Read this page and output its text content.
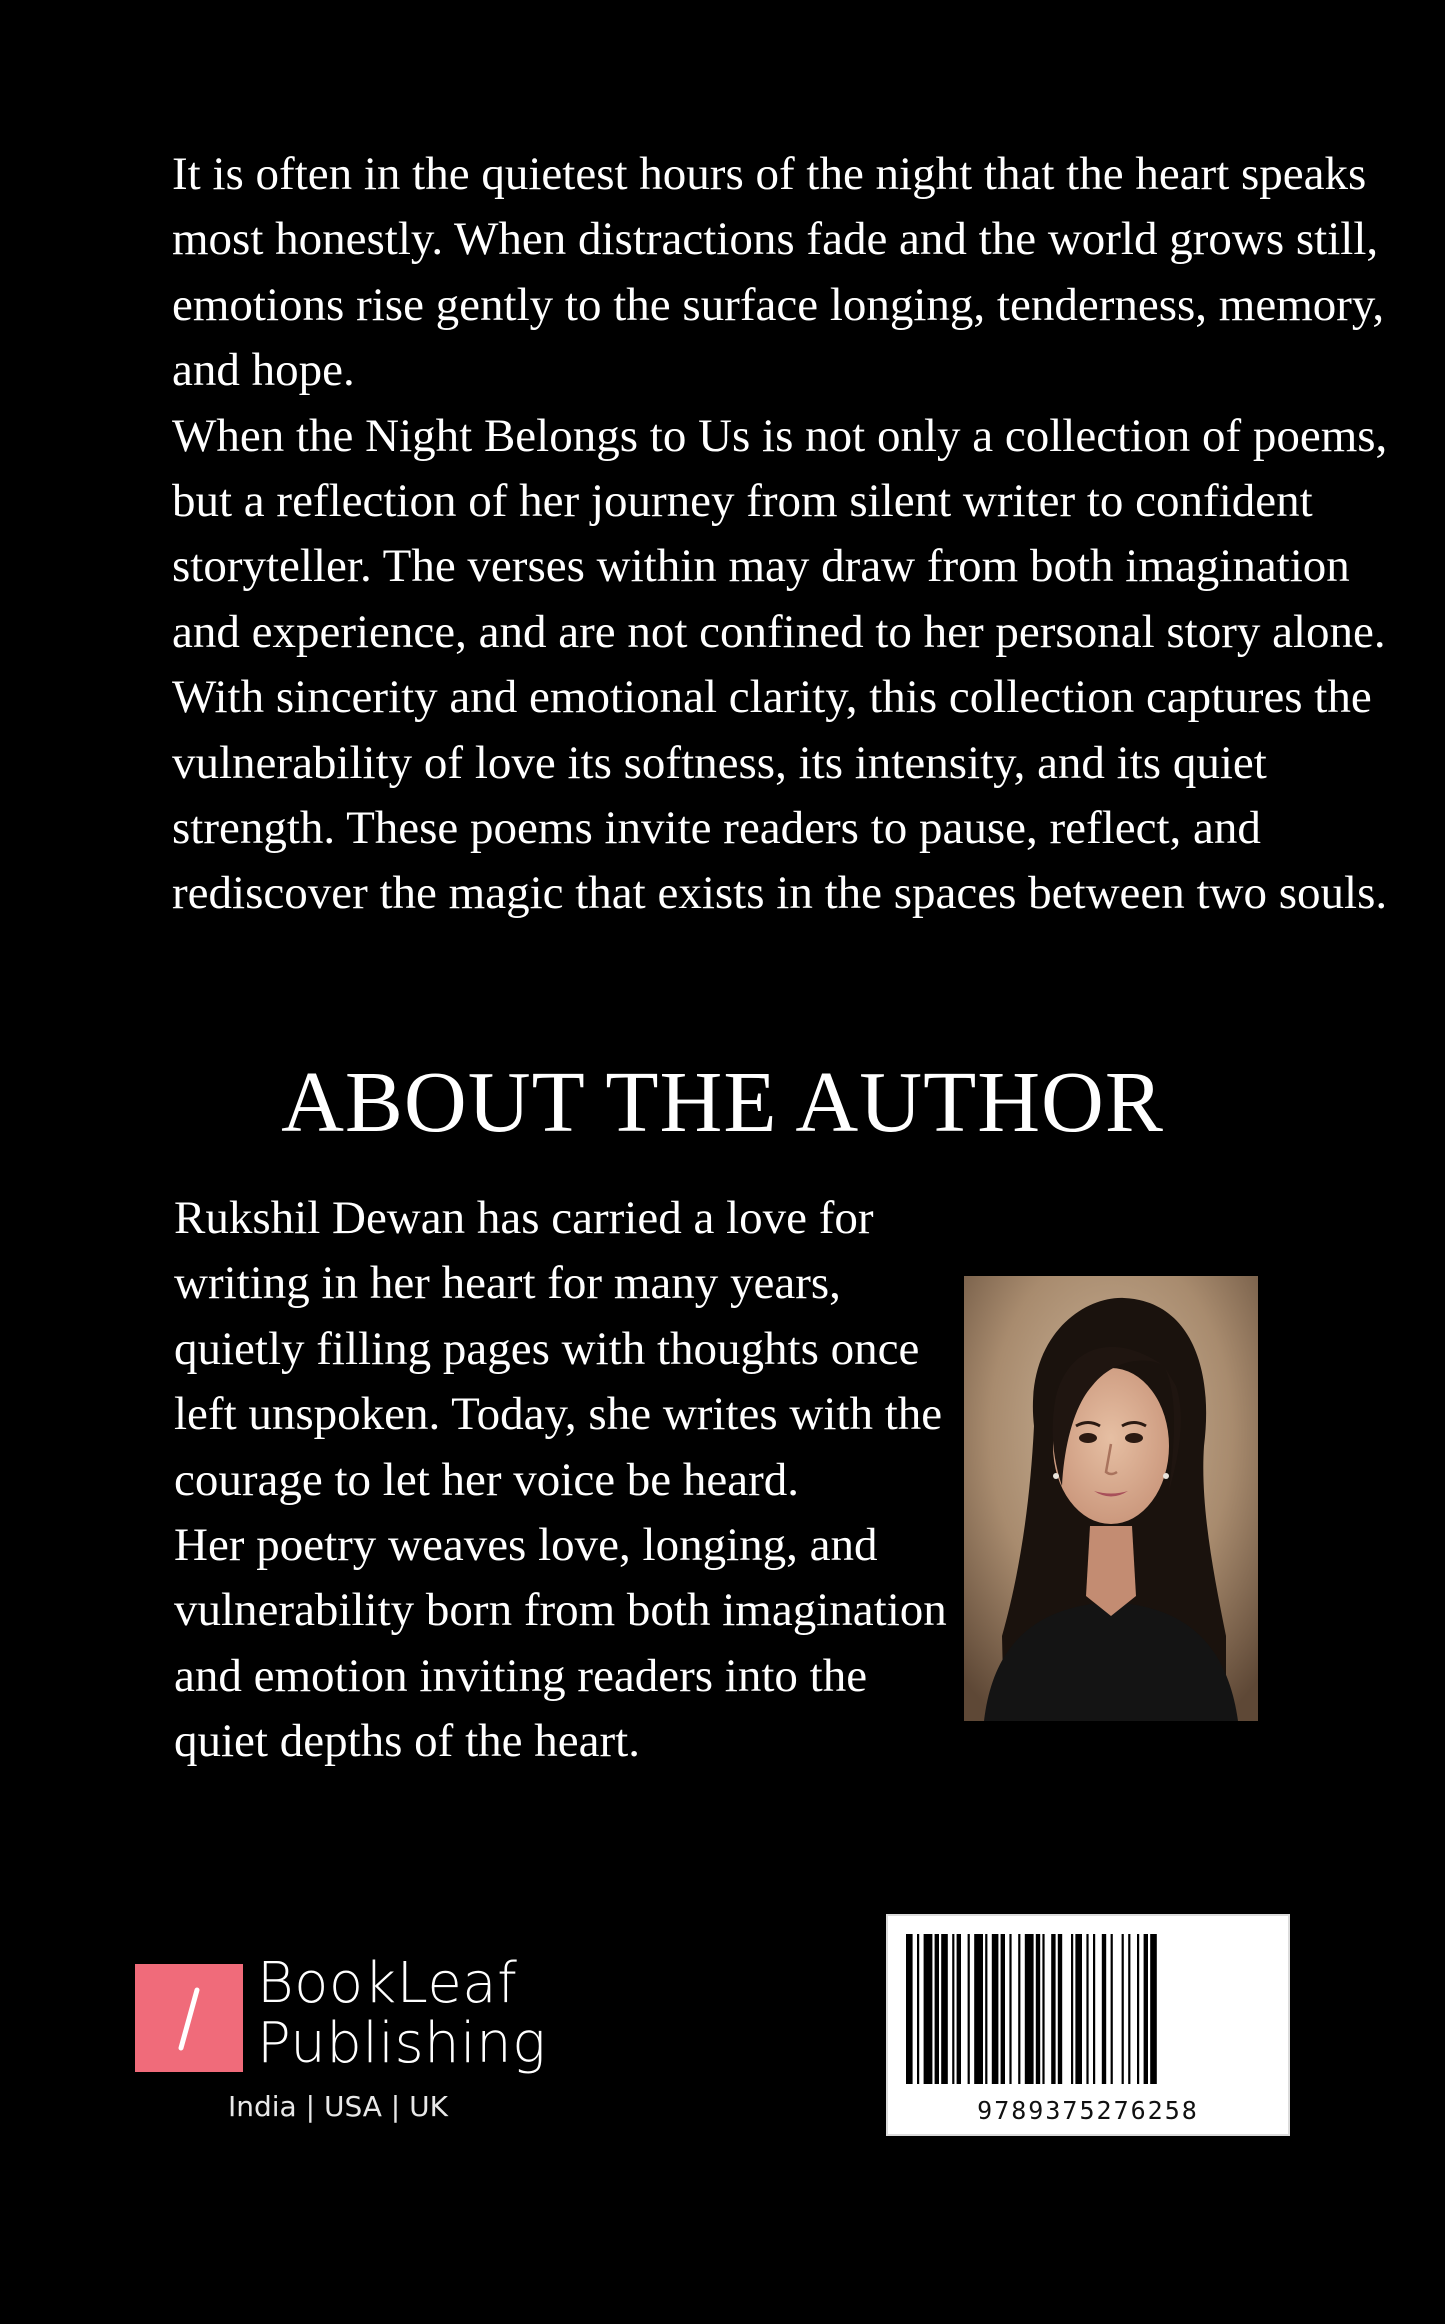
It is often in the quietest hours of the night that the heart speaks most honestly. When distractions fade and the world grows still, emotions rise gently to the surface longing, tenderness, memory, and hope.

When the Night Belongs to Us is not only a collection of poems, but a reflection of her journey from silent writer to confident storyteller. The verses within may draw from both imagination and experience, and are not confined to her personal story alone. With sincerity and emotional clarity, this collection captures the vulnerability of love its softness, its intensity, and its quiet strength. These poems invite readers to pause, reflect, and rediscover the magic that exists in the spaces between two souls.

ABOUT THE AUTHOR

Rukshil Dewan has carried a love for writing in her heart for many years, quietly filling pages with thoughts once left unspoken. Today, she writes with the courage to let her voice be heard.

Her poetry weaves love, longing, and vulnerability born from both imagination and emotion inviting readers into the quiet depths of the heart.

BookLeaf
Publishing
India | USA | UK	9789375276258
